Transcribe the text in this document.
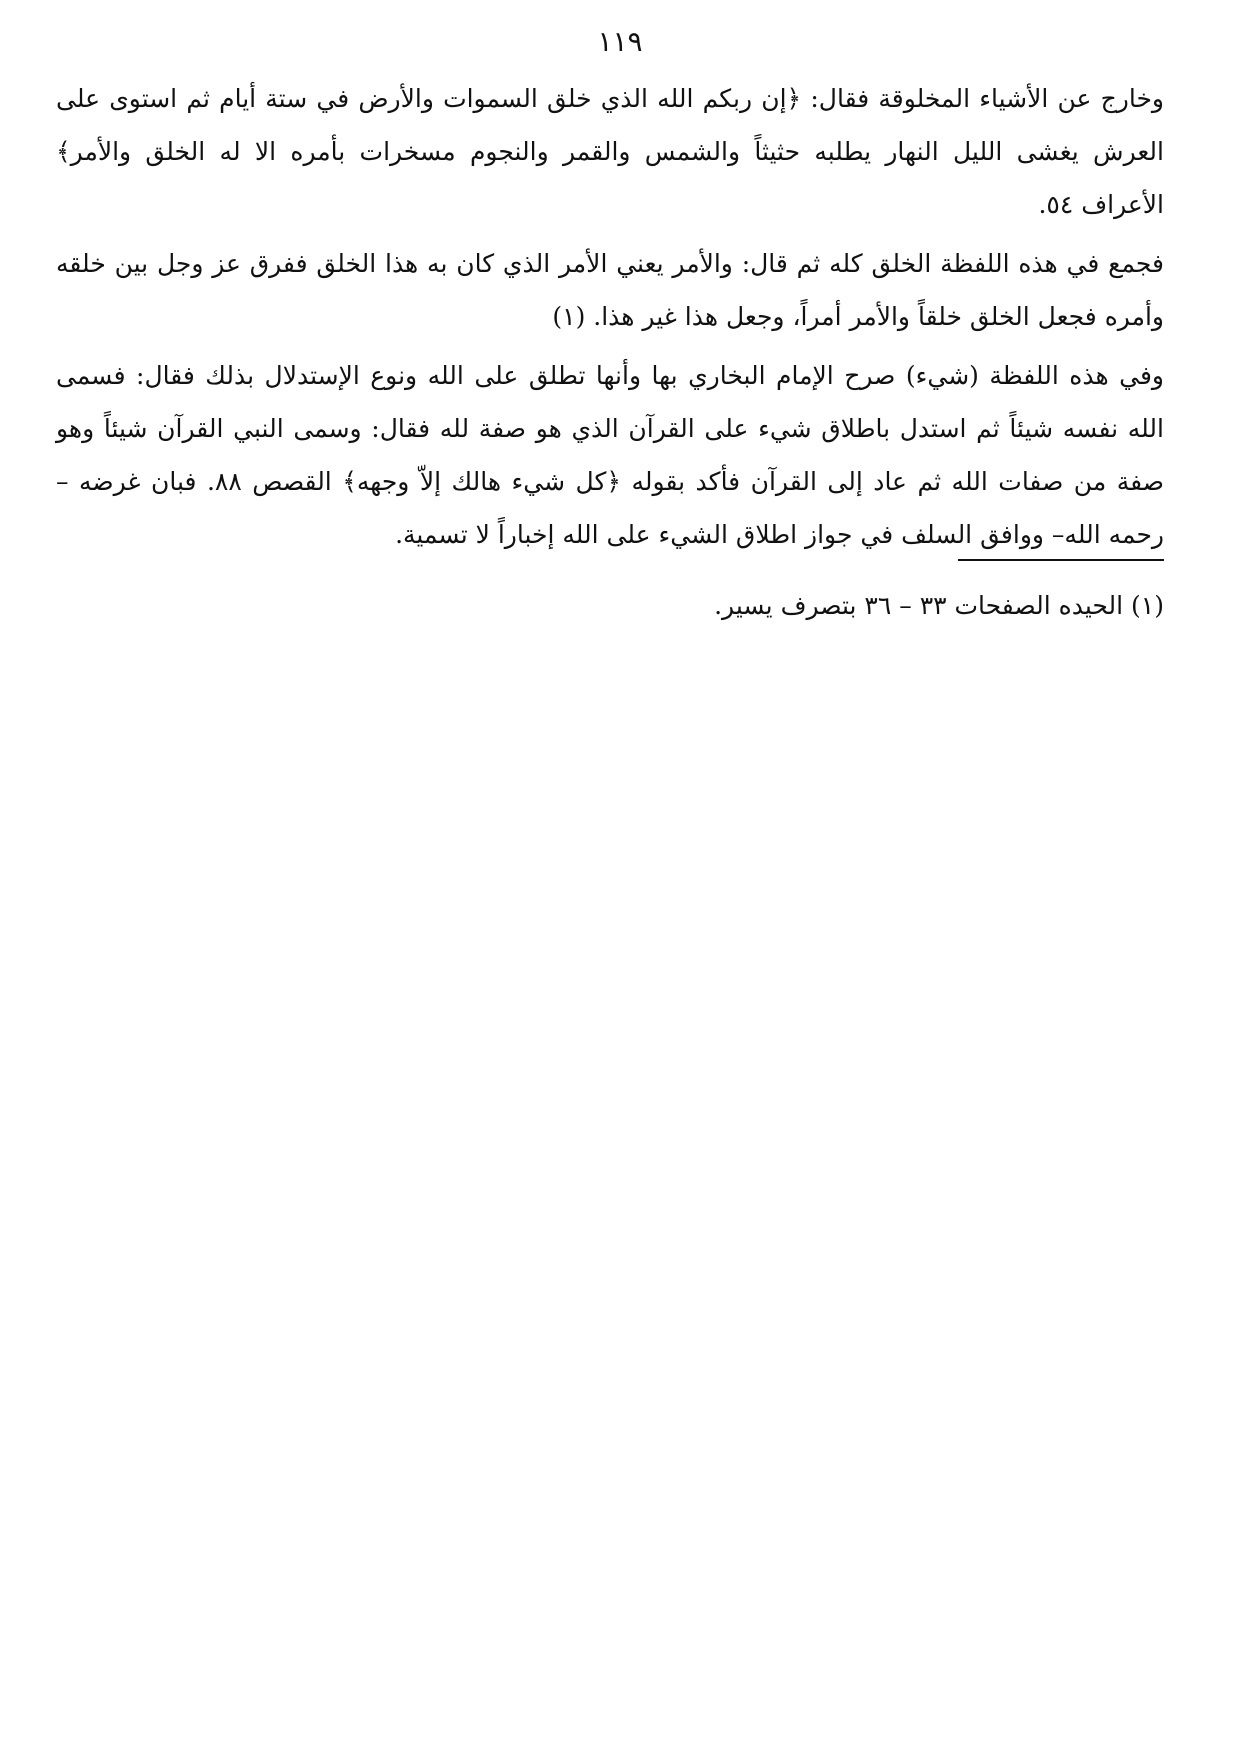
١١٩

وخارج عن الأشياء المخلوقة فقال: ﴿إن ربكم الله الذي خلق السموات والأرض في ستة أيام ثم استوى على العرش يغشى الليل النهار يطلبه حثيثاً والشمس والقمر والنجوم مسخرات بأمره الا له الخلق والأمر﴾ الأعراف ٥٤.

فجمع في هذه اللفظة الخلق كله ثم قال: والأمر يعني الأمر الذي كان به هذا الخلق ففرق عز وجل بين خلقه وأمره فجعل الخلق خلقاً والأمر أمراً، وجعل هذا غير هذا. (١)

وفي هذه اللفظة (شيء) صرح الإمام البخاري بها وأنها تطلق على الله ونوع الإستدلال بذلك فقال: فسمى الله نفسه شيئاً ثم استدل باطلاق شيء على القرآن الذي هو صفة لله فقال: وسمى النبي القرآن شيئاً وهو صفة من صفات الله ثم عاد إلى القرآن فأكد بقوله ﴿كل شيء هالك إلاّ وجهه﴾ القصص ٨٨. فبان غرضه –رحمه الله– ووافق السلف في جواز اطلاق الشيء على الله إخباراً لا تسمية.

(١) الحيده الصفحات ٣٣ – ٣٦ بتصرف يسير.
